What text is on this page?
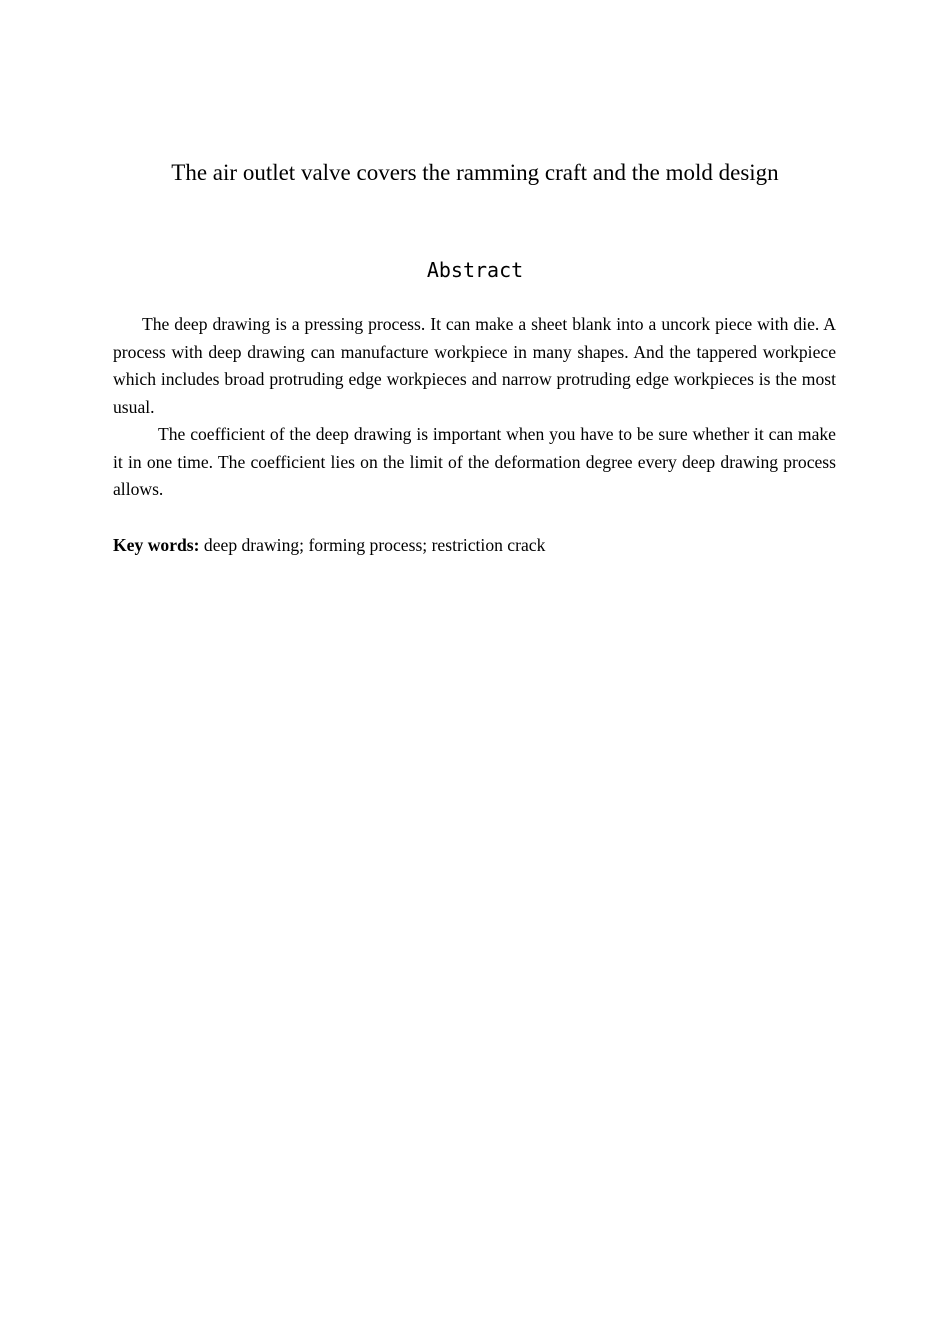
The air outlet valve covers the ramming craft and the mold design
Abstract

The deep drawing is a pressing process. It can make a sheet blank into a uncork piece with die. A process with deep drawing can manufacture workpiece in many shapes. And the tappered workpiece which includes broad protruding edge workpieces and narrow protruding edge workpieces is the most usual.

The coefficient of the deep drawing is important when you have to be sure whether it can make it in one time. The coefficient lies on the limit of the deformation degree every deep drawing process allows.

Key words: deep drawing; forming process; restriction crack
